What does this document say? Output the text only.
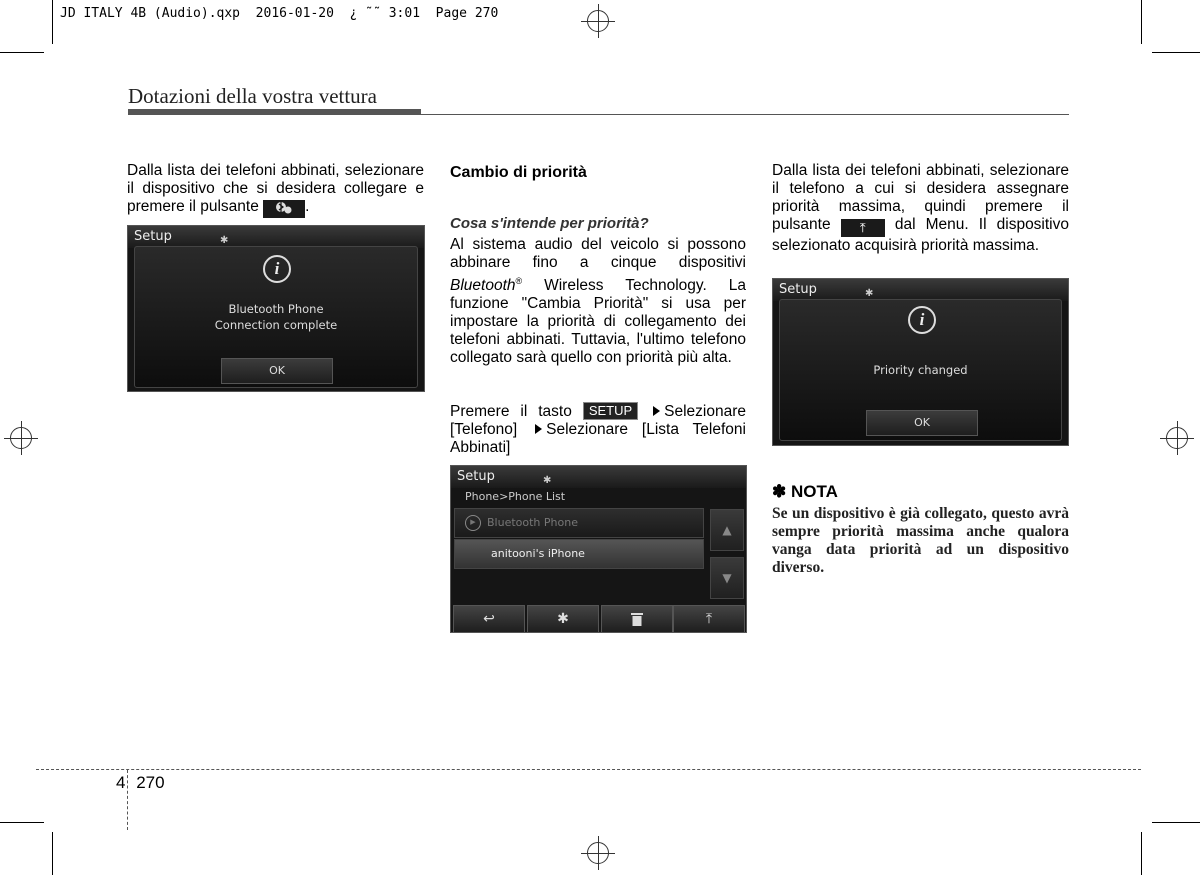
JD ITALY 4B (Audio).qxp  2016-01-20  ¿ ˜˜ 3:01  Page 270
Dotazioni della vostra vettura

Dalla lista dei telefoni abbinati, selezionare il dispositivo che si desidera collegare e premere il pulsante	.

Setup	✱
i
Bluetooth Phone
Connection complete
OK
Cambio di priorità
Cosa s'intende per priorità?

Al sistema audio del veicolo si possono abbinare fino a cinque dispositivi Bluetooth® Wireless Technology. La funzione "Cambia Priorità" si usa per impostare la priorità di collegamento dei telefoni abbinati. Tuttavia, l'ultimo telefono collegato sarà quello con priorità più alta.

Premere il tasto SETUP Selezionare [Telefono] Selezionare [Lista Telefoni Abbinati]

Setup	✱
Phone>Phone List
▶ Bluetooth Phone
anitooni's iPhone
▲
▼
↩	✱	⤒

Dalla lista dei telefoni abbinati, selezionare il telefono a cui si desidera assegnare priorità massima, quindi premere il pulsante ⤒ dal Menu. Il dispositivo selezionato acquisirà priorità massima.

Setup	✱
i
Priority changed
OK
✽ NOTA
Se un dispositivo è già collegato, questo avrà sempre priorità massima anche qualora vanga data priorità ad un dispositivo diverso.
4 270
